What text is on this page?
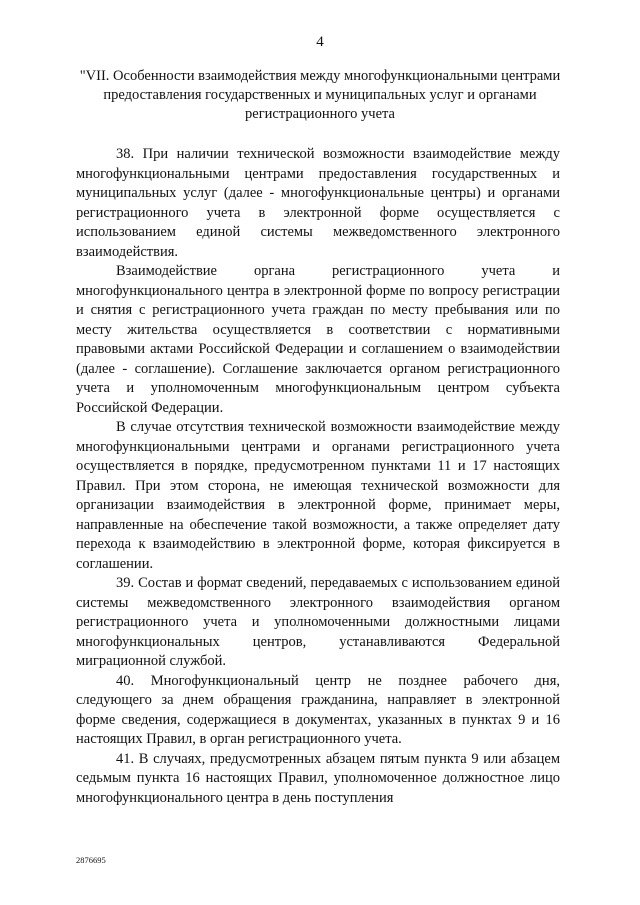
4
"VII. Особенности взаимодействия между многофункциональными центрами предоставления государственных и муниципальных услуг и органами регистрационного учета

38. При наличии технической возможности взаимодействие между многофункциональными центрами предоставления государственных и муниципальных услуг (далее - многофункциональные центры) и органами регистрационного учета в электронной форме осуществляется с использованием единой системы межведомственного электронного взаимодействия.

Взаимодействие органа регистрационного учета и многофункционального центра в электронной форме по вопросу регистрации и снятия с регистрационного учета граждан по месту пребывания или по месту жительства осуществляется в соответствии с нормативными правовыми актами Российской Федерации и соглашением о взаимодействии (далее - соглашение). Соглашение заключается органом регистрационного учета и уполномоченным многофункциональным центром субъекта Российской Федерации.

В случае отсутствия технической возможности взаимодействие между многофункциональными центрами и органами регистрационного учета осуществляется в порядке, предусмотренном пунктами 11 и 17 настоящих Правил. При этом сторона, не имеющая технической возможности для организации взаимодействия в электронной форме, принимает меры, направленные на обеспечение такой возможности, а также определяет дату перехода к взаимодействию в электронной форме, которая фиксируется в соглашении.

39. Состав и формат сведений, передаваемых с использованием единой системы межведомственного электронного взаимодействия органом регистрационного учета и уполномоченными должностными лицами многофункциональных центров, устанавливаются Федеральной миграционной службой.

40. Многофункциональный центр не позднее рабочего дня, следующего за днем обращения гражданина, направляет в электронной форме сведения, содержащиеся в документах, указанных в пунктах 9 и 16 настоящих Правил, в орган регистрационного учета.

41. В случаях, предусмотренных абзацем пятым пункта 9 или абзацем седьмым пункта 16 настоящих Правил, уполномоченное должностное лицо многофункционального центра в день поступления

2876695
